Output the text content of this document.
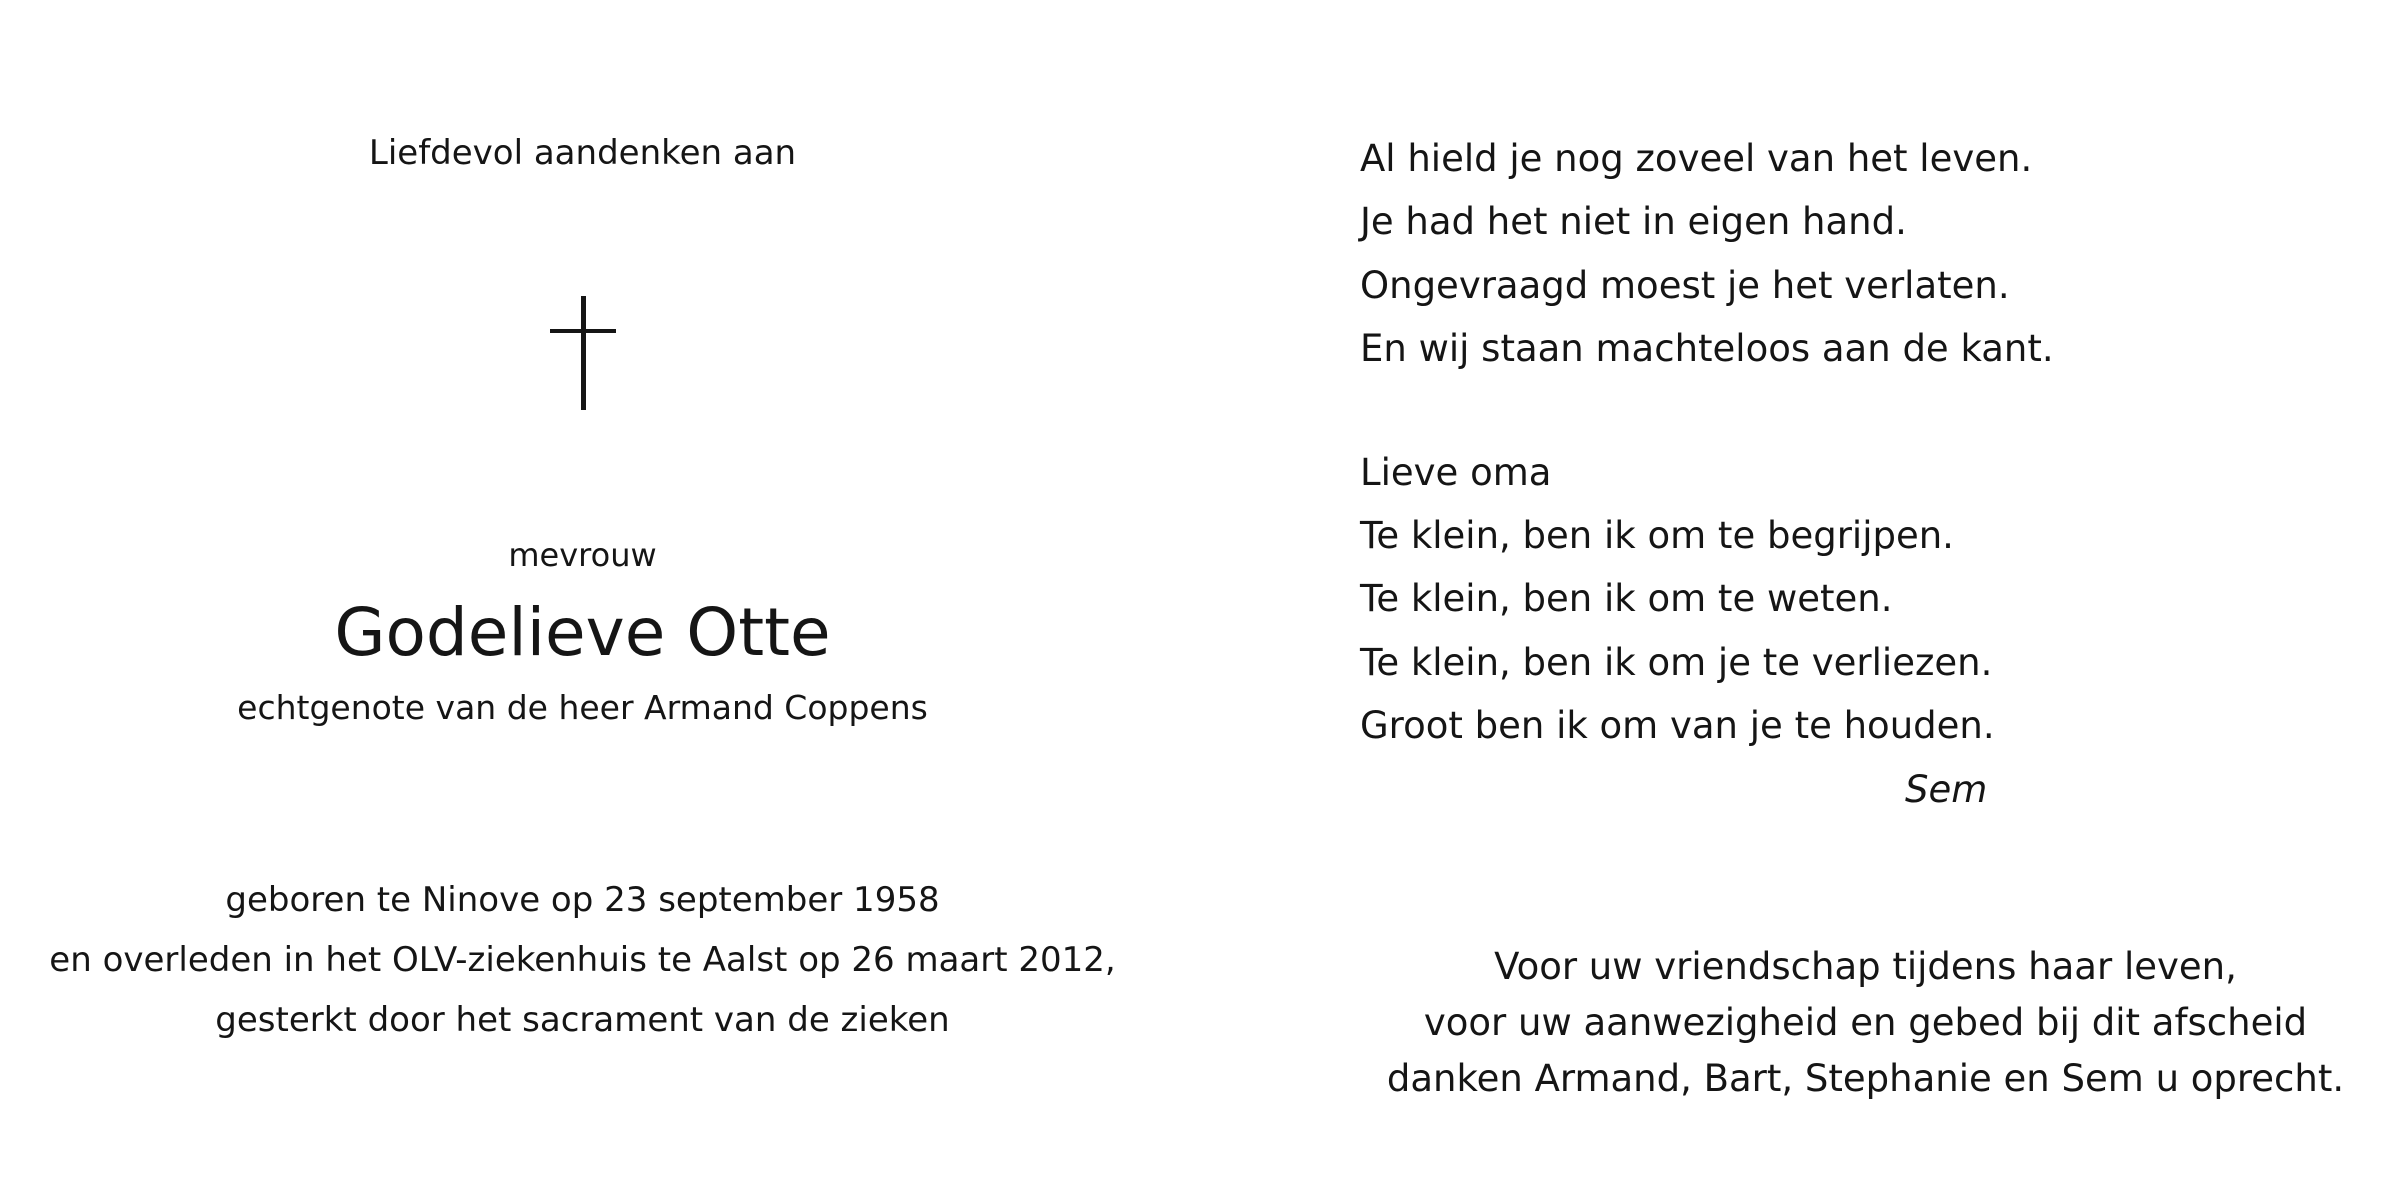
Liefdevol aandenken aan
mevrouw
Godelieve Otte
echtgenote van de heer Armand Coppens
geboren te Ninove op 23 september 1958
en overleden in het OLV-ziekenhuis te Aalst op 26 maart 2012,
gesterkt door het sacrament van de zieken
Al hield je nog zoveel van het leven.
Je had het niet in eigen hand.
Ongevraagd moest je het verlaten.
En wij staan machteloos aan de kant.
Lieve oma
Te klein, ben ik om te begrijpen.
Te klein, ben ik om te weten.
Te klein, ben ik om je te verliezen.
Groot ben ik om van je te houden.
Sem
Voor uw vriendschap tijdens haar leven,
voor uw aanwezigheid en gebed bij dit afscheid
danken Armand, Bart, Stephanie en Sem u oprecht.
